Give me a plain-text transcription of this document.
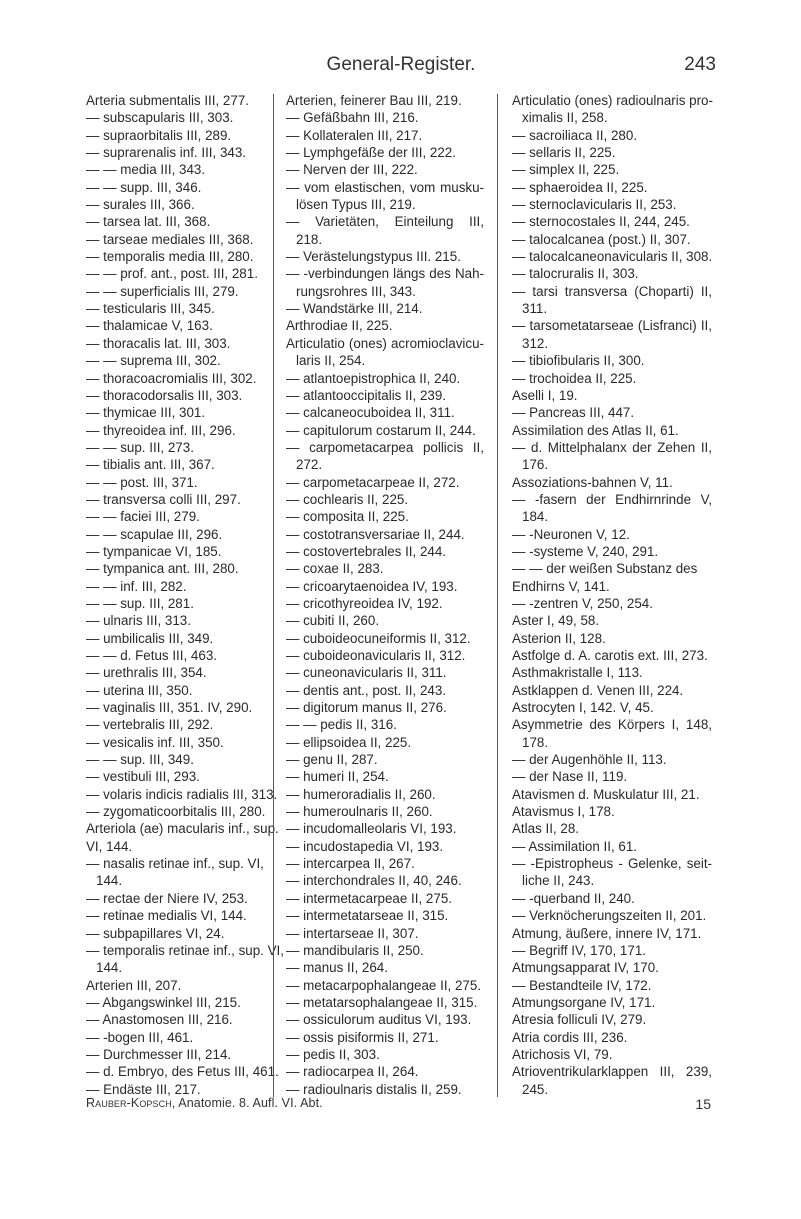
General-Register.	243
Arteria submentalis III, 277.
— subscapularis III, 303.
— supraorbitalis III, 289.
— suprarenalis inf. III, 343.
— — media III, 343.
— — supp. III, 346.
— surales III, 366.
— tarsea lat. III, 368.
— tarseae mediales III, 368.
— temporalis media III, 280.
— — prof. ant., post. III, 281.
— — superficialis III, 279.
— testicularis III, 345.
— thalamicae V, 163.
— thoracalis lat. III, 303.
— — suprema III, 302.
— thoracoacromialis III, 302.
— thoracodorsalis III, 303.
— thymicae III, 301.
— thyreoidea inf. III, 296.
— — sup. III, 273.
— tibialis ant. III, 367.
— — post. III, 371.
— transversa colli III, 297.
— — faciei III, 279.
— — scapulae III, 296.
— tympanicae VI, 185.
— tympanica ant. III, 280.
— — inf. III, 282.
— — sup. III, 281.
— ulnaris III, 313.
— umbilicalis III, 349.
— — d. Fetus III, 463.
— urethralis III, 354.
— uterina III, 350.
— vaginalis III, 351. IV, 290.
— vertebralis III, 292.
— vesicalis inf. III, 350.
— — sup. III, 349.
— vestibuli III, 293.
— volaris indicis radialis III, 313.
— zygomaticoorbitalis III, 280.
Arteriola (ae) macularis inf., sup.
VI, 144.
— nasalis retinae inf., sup. VI,
144.
— rectae der Niere IV, 253.
— retinae medialis VI, 144.
— subpapillares VI, 24.
— temporalis retinae inf., sup. VI,
144.
Arterien III, 207.
— Abgangswinkel III, 215.
— Anastomosen III, 216.
— -bogen III, 461.
— Durchmesser III, 214.
— d. Embryo, des Fetus III, 461.
— Endäste III, 217.
Arterien, feinerer Bau III, 219.
— Gefäßbahn III, 216.
— Kollateralen III, 217.
— Lymphgefäße der III, 222.
— Nerven der III, 222.
— vom elastischen, vom musku-
lösen Typus III, 219.
— Varietäten, Einteilung III,
218.
— Verästelungstypus III. 215.
— -verbindungen längs des Nah-
rungsrohres III, 343.
— Wandstärke III, 214.
Arthrodiae II, 225.
Articulatio (ones) acromioclavicu-
laris II, 254.
— atlantoepistrophica II, 240.
— atlantooccipitalis II, 239.
— calcaneocuboidea II, 311.
— capitulorum costarum II, 244.
— carpometacarpea pollicis II,
272.
— carpometacarpeae II, 272.
— cochlearis II, 225.
— composita II, 225.
— costotransversariae II, 244.
— costovertebrales II, 244.
— coxae II, 283.
— cricoarytaenoidea IV, 193.
— cricothyreoidea IV, 192.
— cubiti II, 260.
— cuboideocuneiformis II, 312.
— cuboideonavicularis II, 312.
— cuneonavicularis II, 311.
— dentis ant., post. II, 243.
— digitorum manus II, 276.
— — pedis II, 316.
— ellipsoidea II, 225.
— genu II, 287.
— humeri II, 254.
— humeroradialis II, 260.
— humeroulnaris II, 260.
— incudomalleolaris VI, 193.
— incudostapedia VI, 193.
— intercarpea II, 267.
— interchondrales II, 40, 246.
— intermetacarpeae II, 275.
— intermetatarseae II, 315.
— intertarseae II, 307.
— mandibularis II, 250.
— manus II, 264.
— metacarpophalangeae II, 275.
— metatarsophalangeae II, 315.
— ossiculorum auditus VI, 193.
— ossis pisiformis II, 271.
— pedis II, 303.
— radiocarpea II, 264.
— radioulnaris distalis II, 259.
Articulatio (ones) radioulnaris pro-
ximalis II, 258.
— sacroiliaca II, 280.
— sellaris II, 225.
— simplex II, 225.
— sphaeroidea II, 225.
— sternoclavicularis II, 253.
— sternocostales II, 244, 245.
— talocalcanea (post.) II, 307.
— talocalcaneonavicularis II, 308.
— talocruralis II, 303.
— tarsi transversa (Choparti) II,
311.
— tarsometatarseae (Lisfranci) II,
312.
— tibiofibularis II, 300.
— trochoidea II, 225.
Aselli I, 19.
— Pancreas III, 447.
Assimilation des Atlas II, 61.
— d. Mittelphalanx der Zehen II,
176.
Assoziations-bahnen V, 11.
— -fasern der Endhirnrinde V,
184.
— -Neuronen V, 12.
— -systeme V, 240, 291.
— — der weißen Substanz des
Endhirns V, 141.
— -zentren V, 250, 254.
Aster I, 49, 58.
Asterion II, 128.
Astfolge d. A. carotis ext. III, 273.
Asthmakristalle I, 113.
Astklappen d. Venen III, 224.
Astrocyten I, 142. V, 45.
Asymmetrie des Körpers I, 148,
178.
— der Augenhöhle II, 113.
— der Nase II, 119.
Atavismen d. Muskulatur III, 21.
Atavismus I, 178.
Atlas II, 28.
— Assimilation II, 61.
— -Epistropheus - Gelenke, seit-
liche II, 243.
— -querband II, 240.
— Verknöcherungszeiten II, 201.
Atmung, äußere, innere IV, 171.
— Begriff IV, 170, 171.
Atmungsapparat IV, 170.
— Bestandteile IV, 172.
Atmungsorgane IV, 171.
Atresia folliculi IV, 279.
Atria cordis III, 236.
Atrichosis VI, 79.
Atrioventrikularklappen III, 239,
245.
Rauber-Kopsch, Anatomie. 8. Aufl. VI. Abt.	15
